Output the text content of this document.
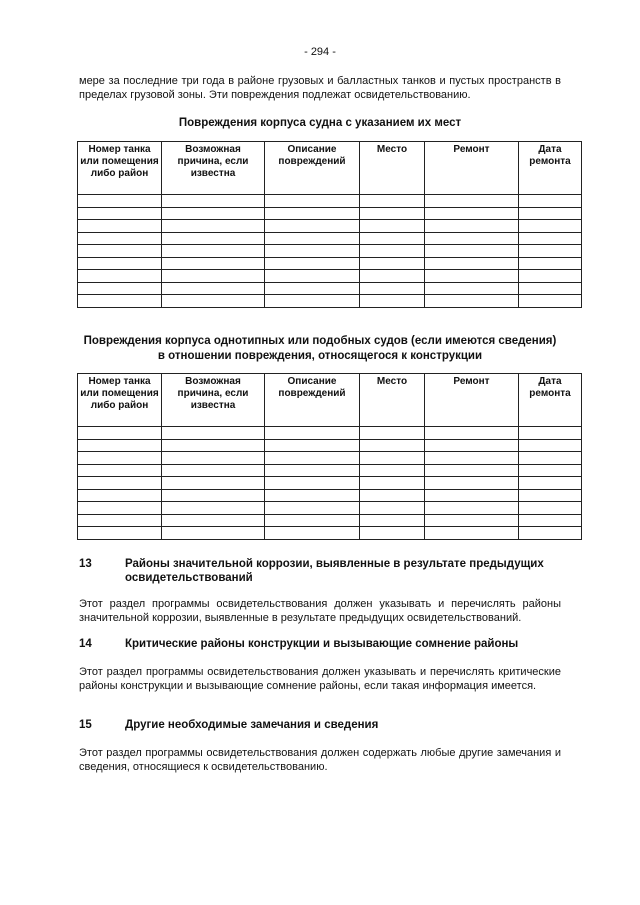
- 294 -
мере за последние три года в районе грузовых и балластных танков и пустых пространств в пределах грузовой зоны. Эти повреждения подлежат освидетельствованию.
Повреждения корпуса судна с указанием их мест
Номер танка или помещения либо район	Возможная причина, если известна	Описание повреждений	Место	Ремонт	Дата ремонта

Повреждения корпуса однотипных или подобных судов (если имеются сведения) в отношении повреждения, относящегося к конструкции
Номер танка или помещения либо район	Возможная причина, если известна	Описание повреждений	Место	Ремонт	Дата ремонта

13	Районы значительной коррозии, выявленные в результате предыдущих освидетельствований
Этот раздел программы освидетельствования должен указывать и перечислять районы значительной коррозии, выявленные в результате предыдущих освидетельствований.
14	Критические районы конструкции и вызывающие сомнение районы
Этот раздел программы освидетельствования должен указывать и перечислять критические районы конструкции и вызывающие сомнение районы, если такая информация имеется.
15	Другие необходимые замечания и сведения
Этот раздел программы освидетельствования должен содержать любые другие замечания и сведения, относящиеся к освидетельствованию.
